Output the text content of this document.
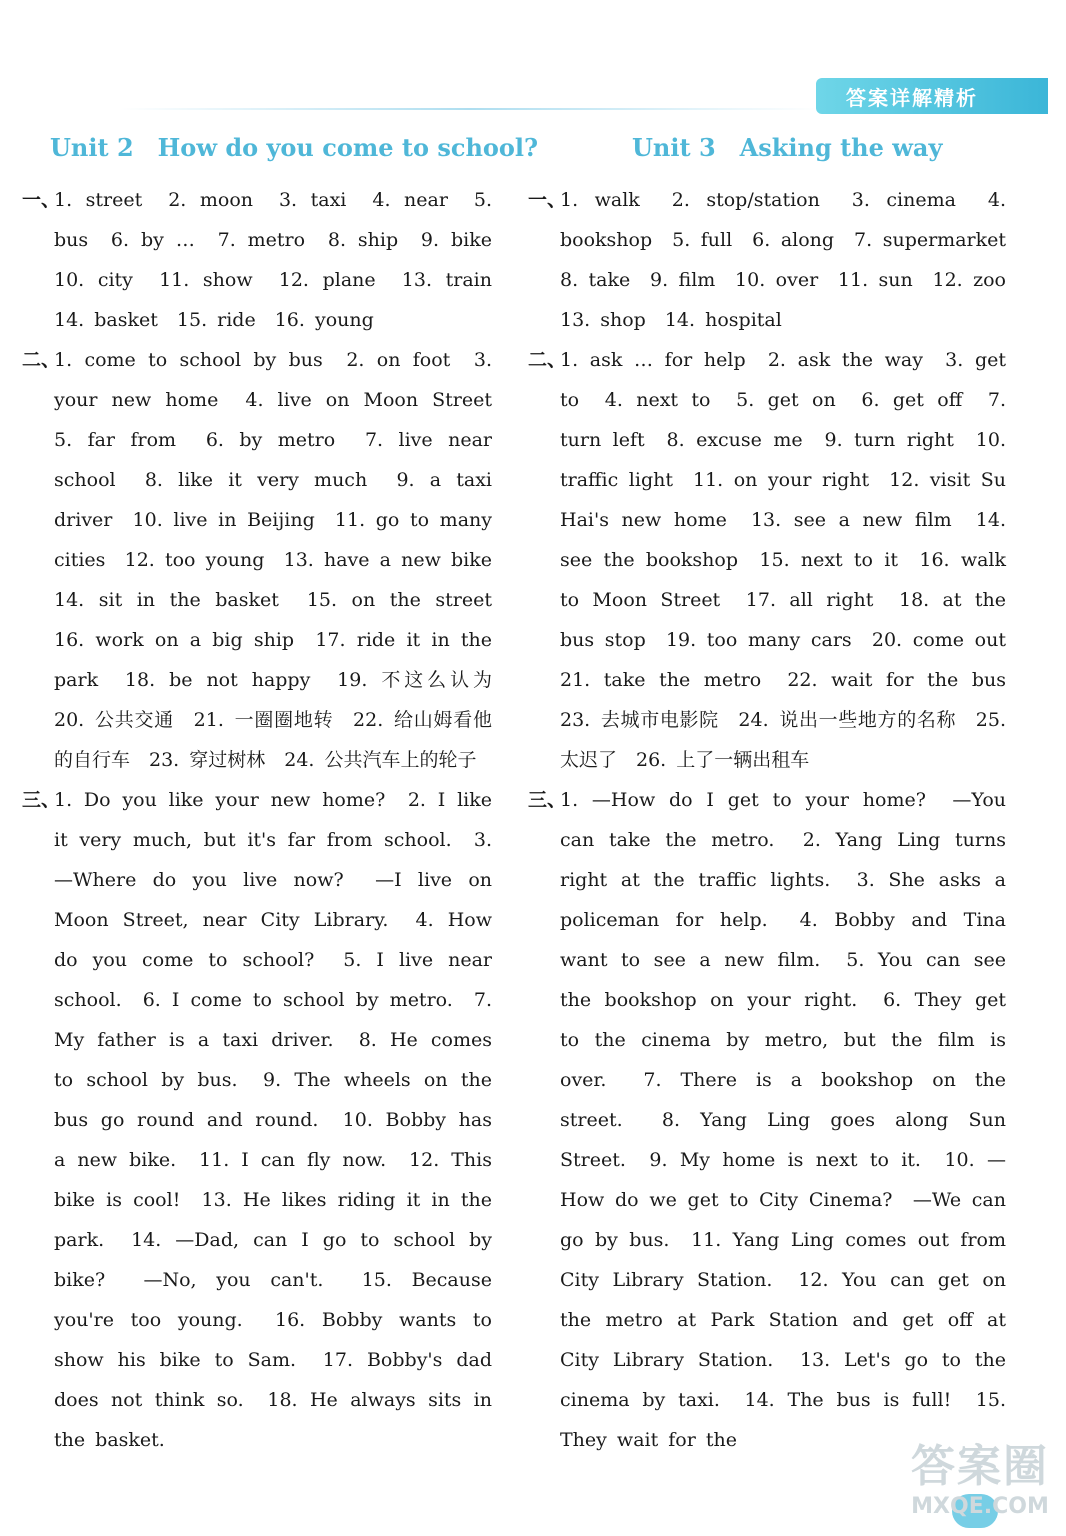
答案详解精析
Unit 2　How do you come to school?
一、
1. street　2. moon　3. taxi　4. near　5. bus　6. by …　7. metro　8. ship　9. bike　10. city　11. show　12. plane　13. train　14. basket　15. ride　16. young
二、
1. come to school by bus　2. on foot　3. your new home　4. live on Moon Street　5. far from　6. by metro　7. live near school　8. like it very much　9. a taxi driver　10. live in Beijing　11. go to many cities　12. too young　13. have a new bike　14. sit in the basket　15. on the street　16. work on a big ship　17. ride it in the park　18. be not happy　19. 不这么认为　20. 公共交通　21. 一圈圈地转　22. 给山姆看他的自行车　23. 穿过树林　24. 公共汽车上的轮子
三、
1. Do you like your new home?　2. I like it very much, but it's far from school.　3. —Where do you live now?　—I live on Moon Street, near City Library.　4. How do you come to school?　5. I live near school.　6. I come to school by metro.　7. My father is a taxi driver.　8. He comes to school by bus.　9. The wheels on the bus go round and round.　10. Bobby has a new bike.　11. I can fly now.　12. This bike is cool!　13. He likes riding it in the park.　14. —Dad, can I go to school by bike?　—No, you can't.　15. Because you're too young.　16. Bobby wants to show his bike to Sam.　17. Bobby's dad does not think so.　18. He always sits in the basket.
Unit 3　Asking the way
一、
1. walk　2. stop/station　3. cinema　4. bookshop　5. full　6. along　7. supermarket　8. take　9. film　10. over　11. sun　12. zoo　13. shop　14. hospital
二、
1. ask … for help　2. ask the way　3. get to　4. next to　5. get on　6. get off　7. turn left　8. excuse me　9. turn right　10. traffic light　11. on your right　12. visit Su Hai's new home　13. see a new film　14. see the bookshop　15. next to it　16. walk to Moon Street　17. all right　18. at the bus stop　19. too many cars　20. come out　21. take the metro　22. wait for the bus　23. 去城市电影院　24. 说出一些地方的名称　25. 太迟了　26. 上了一辆出租车
三、
1. —How do I get to your home?　—You can take the metro.　2. Yang Ling turns right at the traffic lights.　3. She asks a policeman for help.　4. Bobby and Tina want to see a new film.　5. You can see the bookshop on your right.　6. They get to the cinema by metro, but the film is over.　7. There is a bookshop on the street.　8. Yang Ling goes along Sun Street.　9. My home is next to it.　10. —How do we get to City Cinema?　—We can go by bus.　11. Yang Ling comes out from City Library Station.　12. You can get on the metro at Park Station and get off at City Library Station.　13. Let's go to the cinema by taxi.　14. The bus is full!　15. They wait for the
答案圈
MXQE.COM
